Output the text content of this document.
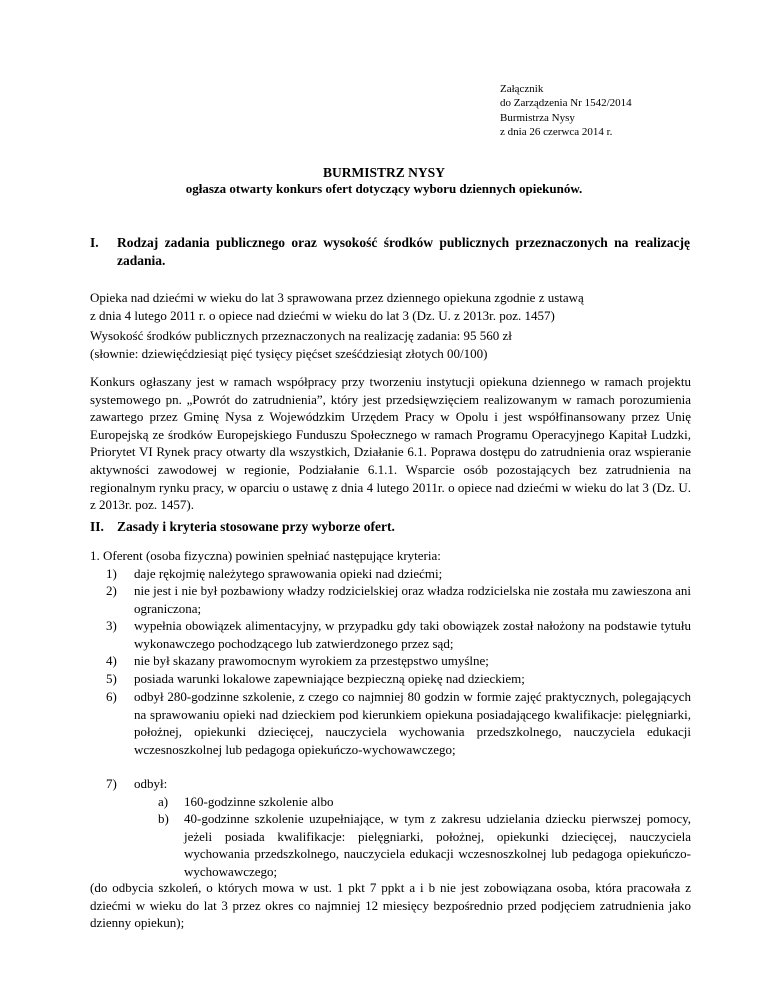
Załącznik
do Zarządzenia Nr 1542/2014
Burmistrza Nysy
z dnia 26 czerwca 2014 r.
BURMISTRZ NYSY
ogłasza otwarty konkurs ofert dotyczący wyboru dziennych opiekunów.
I. Rodzaj zadania publicznego oraz wysokość środków publicznych przeznaczonych na realizację zadania.
Opieka nad dziećmi w wieku do lat 3 sprawowana przez dziennego opiekuna zgodnie z ustawą
z dnia 4 lutego 2011 r. o opiece nad dziećmi w wieku do lat 3 (Dz. U. z 2013r. poz. 1457)
Wysokość środków publicznych przeznaczonych na realizację zadania: 95 560 zł
(słownie: dziewięćdziesiąt pięć tysięcy pięćset sześćdziesiąt złotych 00/100)
Konkurs ogłaszany jest w ramach współpracy przy tworzeniu instytucji opiekuna dziennego w ramach projektu systemowego pn. „Powrót do zatrudnienia”, który jest przedsięwzięciem realizowanym w ramach porozumienia zawartego przez Gminę Nysa z Wojewódzkim Urzędem Pracy w Opolu i jest współfinansowany przez Unię Europejską ze środków Europejskiego Funduszu Społecznego w ramach Programu Operacyjnego Kapitał Ludzki, Priorytet VI Rynek pracy otwarty dla wszystkich, Działanie 6.1. Poprawa dostępu do zatrudnienia oraz wspieranie aktywności zawodowej w regionie, Podziałanie 6.1.1. Wsparcie osób pozostających bez zatrudnienia na regionalnym rynku pracy, w oparciu o ustawę z dnia 4 lutego 2011r. o opiece nad dziećmi w wieku do lat 3 (Dz. U. z 2013r. poz. 1457).
II. Zasady i kryteria stosowane przy wyborze ofert.
1. Oferent (osoba fizyczna) powinien spełniać następujące kryteria:
1) daje rękojmię należytego sprawowania opieki nad dziećmi;
2) nie jest i nie był pozbawiony władzy rodzicielskiej oraz władza rodzicielska nie została mu zawieszona ani ograniczona;
3) wypełnia obowiązek alimentacyjny, w przypadku gdy taki obowiązek został nałożony na podstawie tytułu wykonawczego pochodzącego lub zatwierdzonego przez sąd;
4) nie był skazany prawomocnym wyrokiem za przestępstwo umyślne;
5) posiada warunki lokalowe zapewniające bezpieczną opiekę nad dzieckiem;
6) odbył 280-godzinne szkolenie, z czego co najmniej 80 godzin w formie zajęć praktycznych, polegających na sprawowaniu opieki nad dzieckiem pod kierunkiem opiekuna posiadającego kwalifikacje: pielęgniarki, położnej, opiekunki dziecięcej, nauczyciela wychowania przedszkolnego, nauczyciela edukacji wczesnoszkolnej lub pedagoga opiekuńczo-wychowawczego;
7) odbył:
a) 160-godzinne szkolenie albo
b) 40-godzinne szkolenie uzupełniające, w tym z zakresu udzielania dziecku pierwszej pomocy, jeżeli posiada kwalifikacje: pielęgniarki, położnej, opiekunki dziecięcej, nauczyciela wychowania przedszkolnego, nauczyciela edukacji wczesnoszkolnej lub pedagoga opiekuńczo-wychowawczego;
(do odbycia szkoleń, o których mowa w ust. 1 pkt 7 ppkt a i b nie jest zobowiązana osoba, która pracowała z dziećmi w wieku do lat 3 przez okres co najmniej 12 miesięcy bezpośrednio przed podjęciem zatrudnienia jako dzienny opiekun);
